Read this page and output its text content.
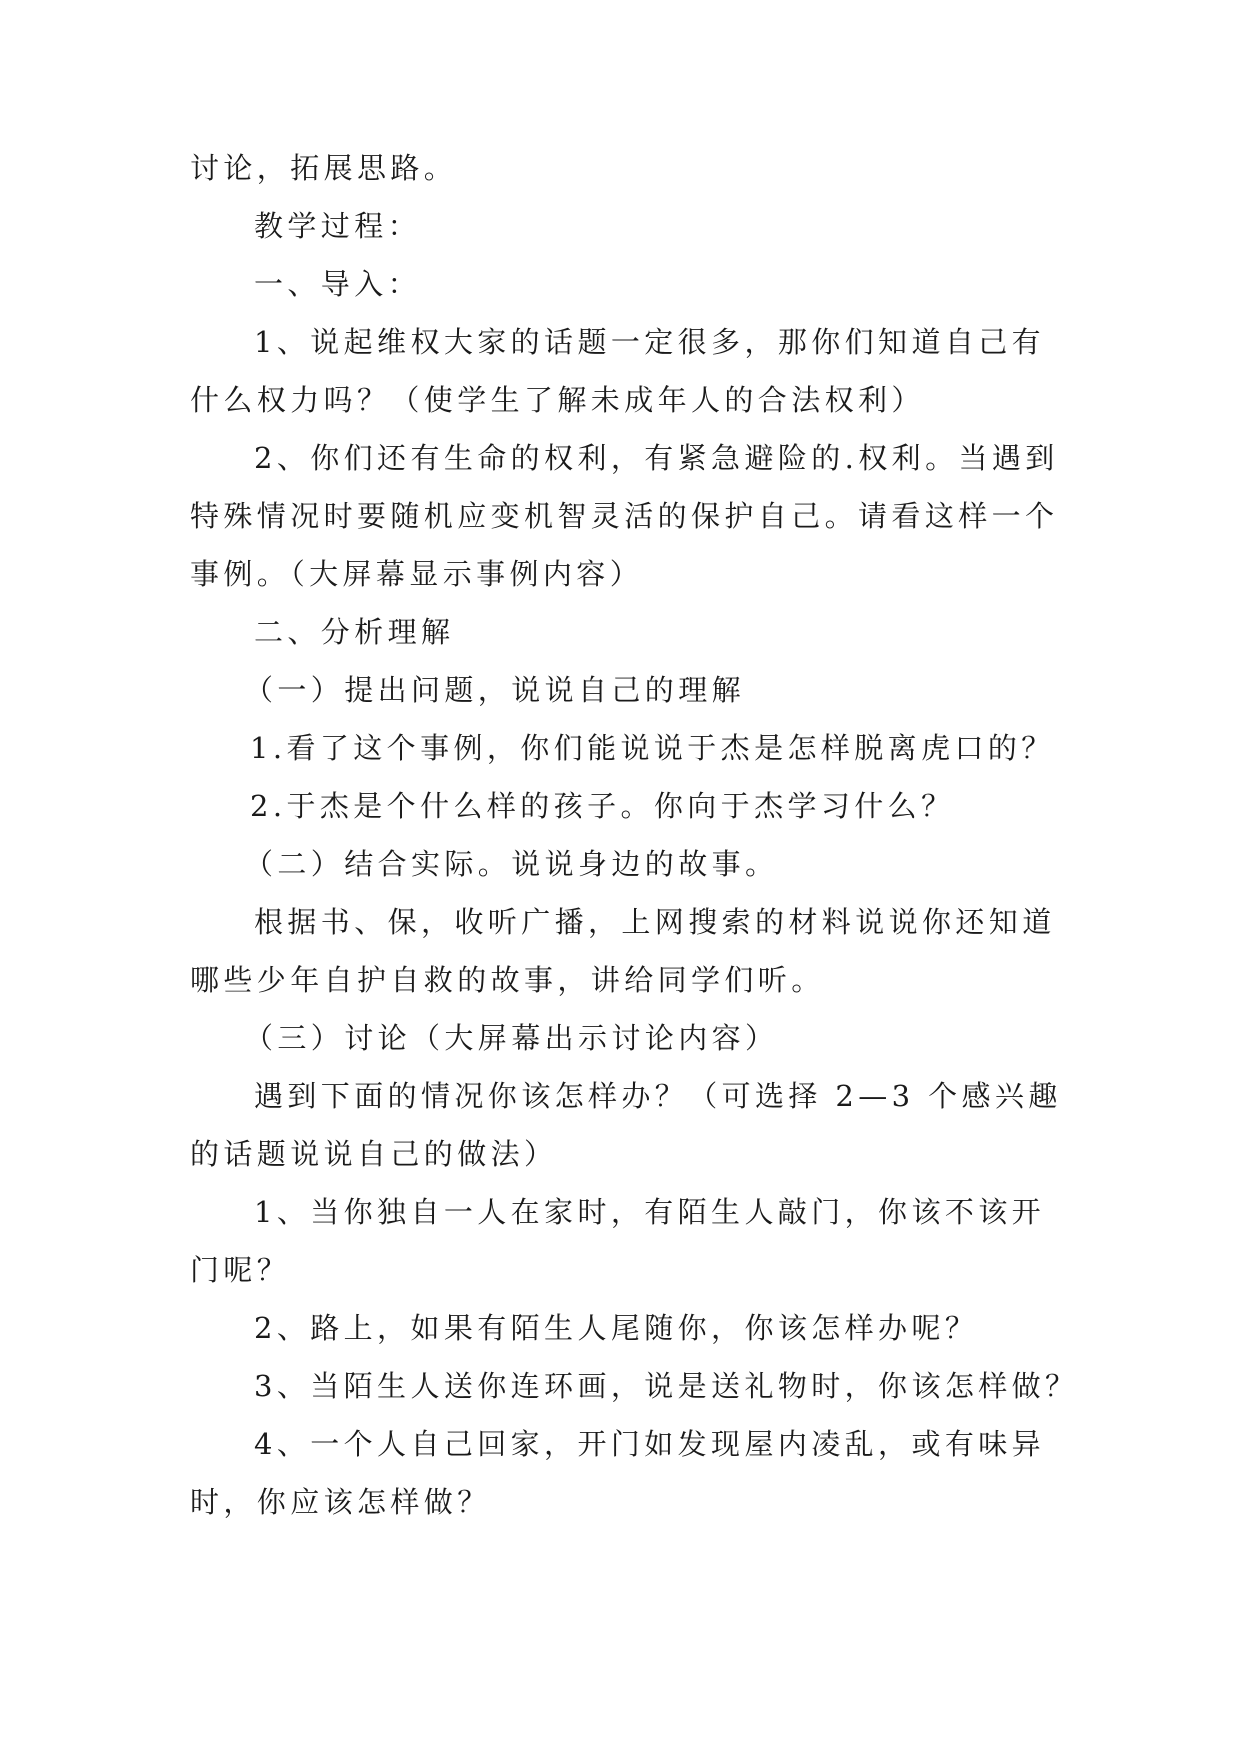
讨论，拓展思路。

教学过程：

一、导入：

1、说起维权大家的话题一定很多，那你们知道自己有

什么权力吗？（使学生了解未成年人的合法权利）

2、你们还有生命的权利，有紧急避险的.权利。当遇到

特殊情况时要随机应变机智灵活的保护自己。请看这样一个

事例。（大屏幕显示事例内容）

二、分析理解

（一）提出问题，说说自己的理解

1.看了这个事例，你们能说说于杰是怎样脱离虎口的？

2.于杰是个什么样的孩子。你向于杰学习什么？

（二）结合实际。说说身边的故事。

根据书、保，收听广播，上网搜索的材料说说你还知道

哪些少年自护自救的故事，讲给同学们听。

（三）讨论（大屏幕出示讨论内容）

遇到下面的情况你该怎样办？（可选择 2—3 个感兴趣

的话题说说自己的做法）

1、当你独自一人在家时，有陌生人敲门，你该不该开

门呢？

2、路上，如果有陌生人尾随你，你该怎样办呢？

3、当陌生人送你连环画，说是送礼物时，你该怎样做？

4、一个人自己回家，开门如发现屋内凌乱，或有味异

时，你应该怎样做？
